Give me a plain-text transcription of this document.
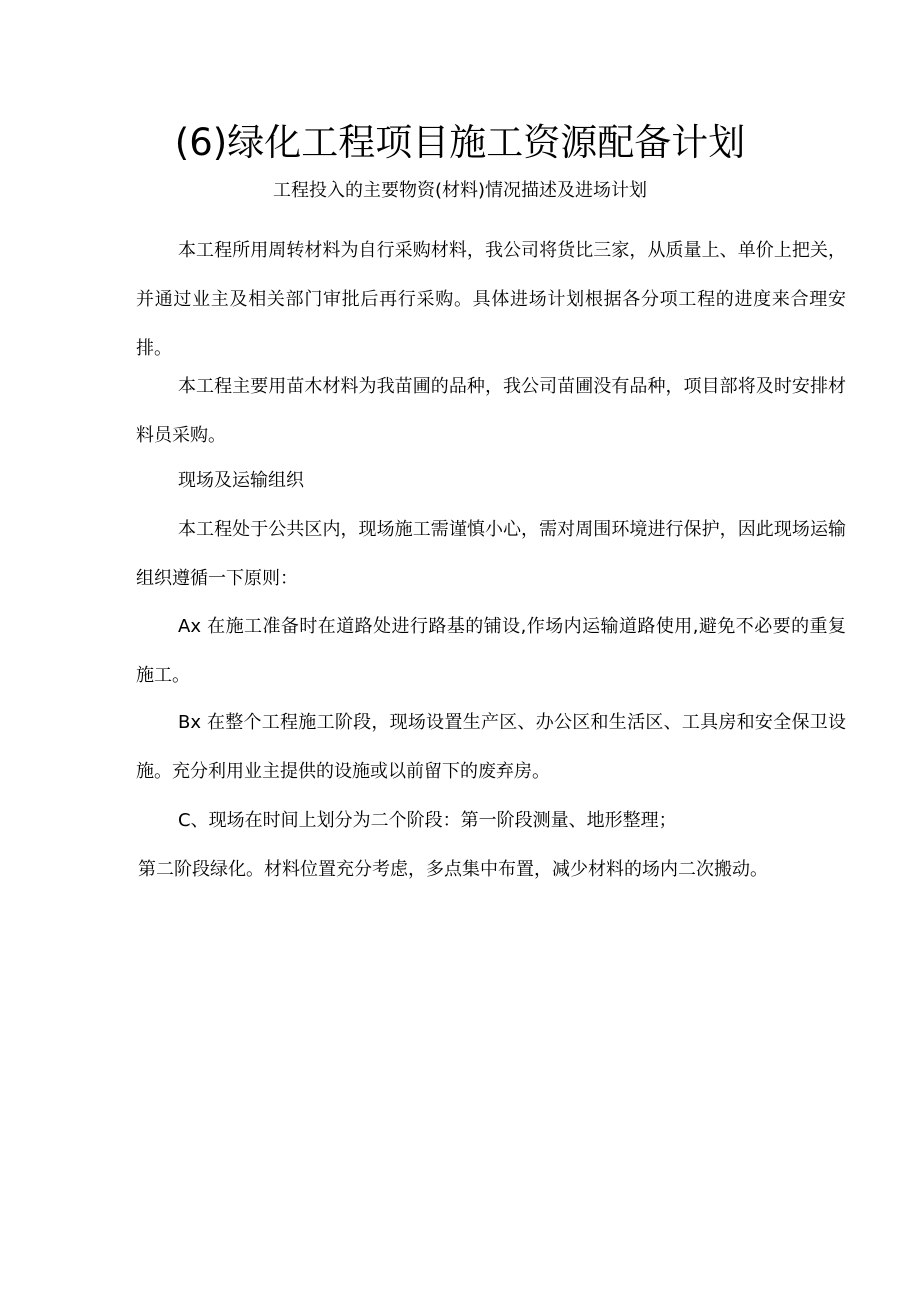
(6)绿化工程项目施工资源配备计划

工程投入的主要物资(材料)情况描述及进场计划

本工程所用周转材料为自行采购材料，我公司将货比三家，从质量上、单价上把关，并通过业主及相关部门审批后再行采购。具体进场计划根据各分项工程的进度来合理安排。

本工程主要用苗木材料为我苗圃的品种，我公司苗圃没有品种，项目部将及时安排材料员采购。

现场及运输组织

本工程处于公共区内，现场施工需谨慎小心，需对周围环境进行保护，因此现场运输组织遵循一下原则：

Ax 在施工准备时在道路处进行路基的铺设,作场内运输道路使用,避免不必要的重复施工。

Bx 在整个工程施工阶段，现场设置生产区、办公区和生活区、工具房和安全保卫设施。充分利用业主提供的设施或以前留下的废弃房。

C、现场在时间上划分为二个阶段：第一阶段测量、地形整理；

第二阶段绿化。材料位置充分考虑，多点集中布置，减少材料的场内二次搬动。
